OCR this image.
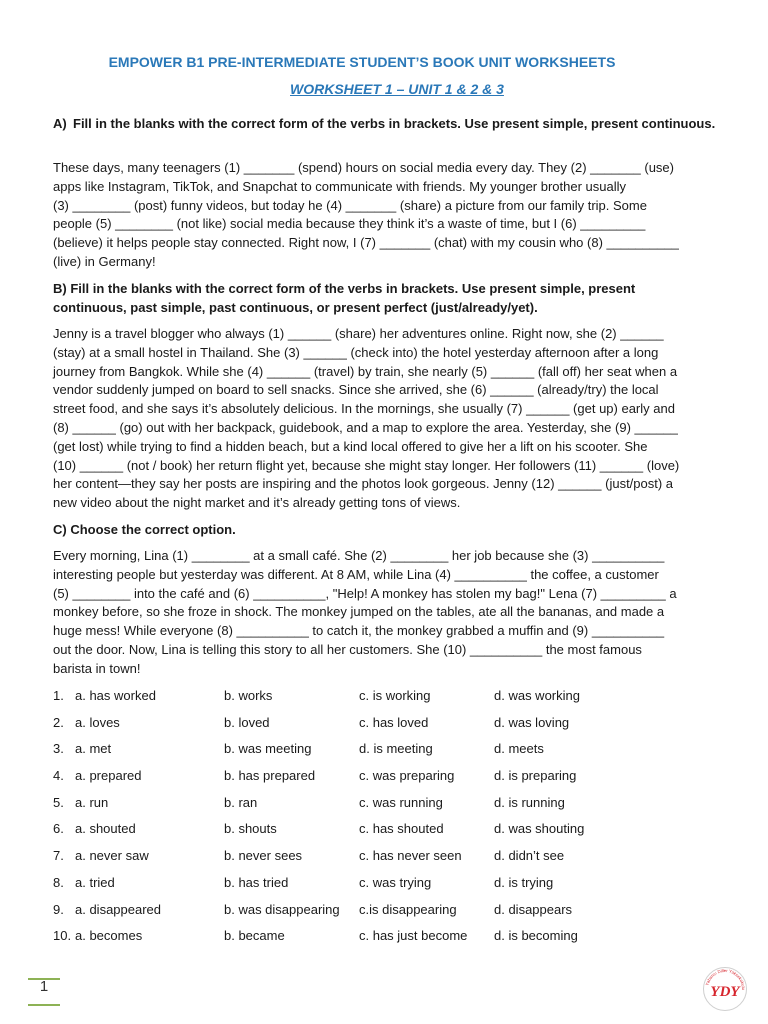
EMPOWER B1 PRE-INTERMEDIATE STUDENT’S BOOK UNIT WORKSHEETS
WORKSHEET 1 – UNIT 1 & 2 & 3
A) Fill in the blanks with the correct form of the verbs in brackets. Use present simple, present continuous.
These days, many teenagers (1) _______ (spend) hours on social media every day. They (2) _______ (use)
apps like Instagram, TikTok, and Snapchat to communicate with friends. My younger brother usually
(3) ________ (post) funny videos, but today he (4) _______ (share) a picture from our family trip. Some
people (5) ________ (not like) social media because they think it’s a waste of time, but I (6) _________
(believe) it helps people stay connected. Right now, I (7) _______ (chat) with my cousin who (8) __________
(live) in Germany!
B) Fill in the blanks with the correct form of the verbs in brackets. Use present simple, present
continuous, past simple, past continuous, or present perfect (just/already/yet).
Jenny is a travel blogger who always (1) ______ (share) her adventures online. Right now, she (2) ______
(stay) at a small hostel in Thailand. She (3) ______ (check into) the hotel yesterday afternoon after a long
journey from Bangkok. While she (4) ______ (travel) by train, she nearly (5) ______ (fall off) her seat when a
vendor suddenly jumped on board to sell snacks. Since she arrived, she (6) ______ (already/try) the local
street food, and she says it’s absolutely delicious. In the mornings, she usually (7) ______ (get up) early and
(8) ______ (go) out with her backpack, guidebook, and a map to explore the area. Yesterday, she (9) ______
(get lost) while trying to find a hidden beach, but a kind local offered to give her a lift on his scooter. She
(10) ______ (not / book) her return flight yet, because she might stay longer. Her followers (11) ______ (love)
her content—they say her posts are inspiring and the photos look gorgeous. Jenny (12) ______ (just/post) a
new video about the night market and it’s already getting tons of views.
C) Choose the correct option.
Every morning, Lina (1) ________ at a small café. She (2) ________ her job because she (3) __________
interesting people but yesterday was different. At 8 AM, while Lina (4) __________ the coffee, a customer
(5) ________ into the café and (6) __________, "Help! A monkey has stolen my bag!" Lena (7) _________ a
monkey before, so she froze in shock. The monkey jumped on the tables, ate all the bananas, and made a
huge mess! While everyone (8) __________ to catch it, the monkey grabbed a muffin and (9) __________
out the door. Now, Lina is telling this story to all her customers. She (10) __________ the most famous
barista in town!
1. a. has worked	b. works	c. is working	d. was working
2. a. loves	b. loved	c. has loved	d. was loving
3. a. met	b. was meeting	d. is meeting	d. meets
4. a. prepared	b. has prepared	c. was preparing	d. is preparing
5. a. run	b. ran	c. was running	d. is running
6. a. shouted	b. shouts	c. has shouted	d. was shouting
7. a. never saw	b. never sees	c. has never seen d. didn’t see
8. a. tried	b. has tried	c. was trying	d. is trying
9. a. disappeared	b. was disappearing c.is disappearing	d. disappears
10. a. becomes	b. became	c. has just become d. is becoming
1	Yabancı Diller Yüksekokulu
YDY
